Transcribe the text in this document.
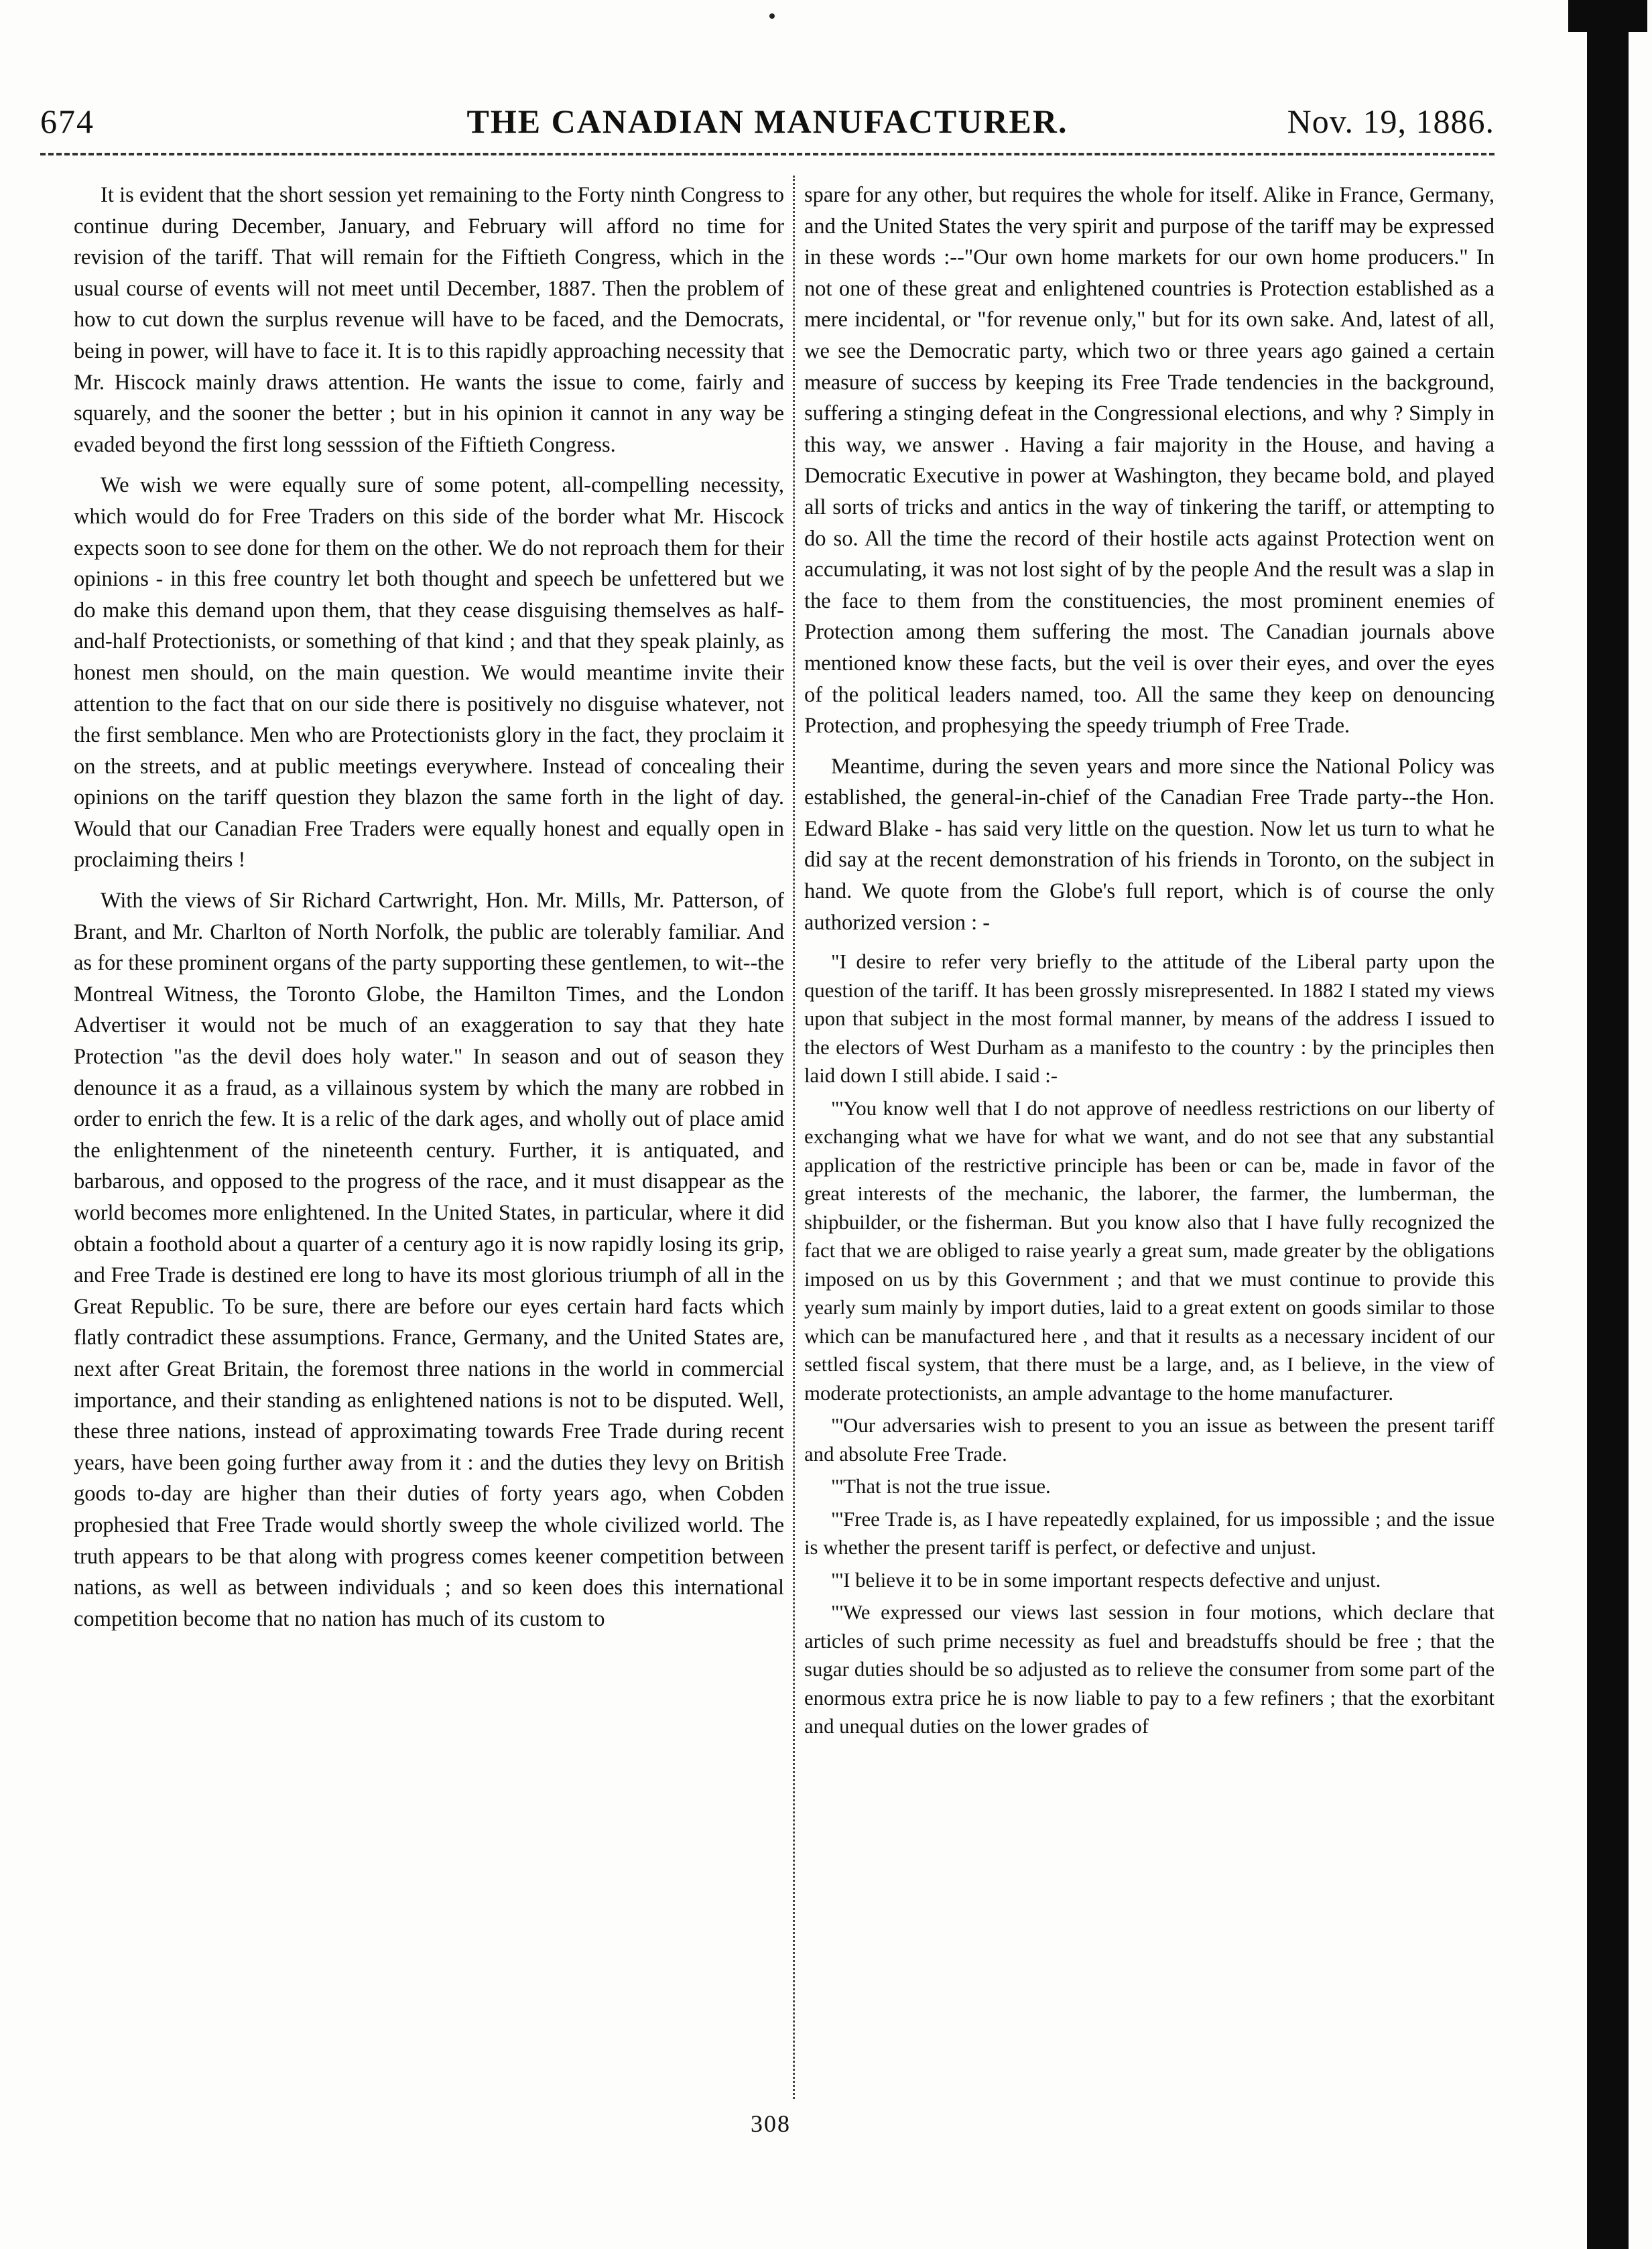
674	THE CANADIAN MANUFACTURER.	Nov. 19, 1886.

It is evident that the short session yet remaining to the Forty ninth Congress to continue during December, January, and February will afford no time for revision of the tariff. That will remain for the Fiftieth Congress, which in the usual course of events will not meet until December, 1887. Then the problem of how to cut down the surplus revenue will have to be faced, and the Democrats, being in power, will have to face it. It is to this rapidly approaching necessity that Mr. Hiscock mainly draws attention. He wants the issue to come, fairly and squarely, and the sooner the better ; but in his opinion it cannot in any way be evaded beyond the first long sesssion of the Fiftieth Congress.

We wish we were equally sure of some potent, all-compelling necessity, which would do for Free Traders on this side of the border what Mr. Hiscock expects soon to see done for them on the other. We do not reproach them for their opinions - in this free country let both thought and speech be unfettered but we do make this demand upon them, that they cease disguising themselves as half-and-half Protectionists, or something of that kind ; and that they speak plainly, as honest men should, on the main question. We would meantime invite their attention to the fact that on our side there is positively no disguise whatever, not the first semblance. Men who are Protectionists glory in the fact, they proclaim it on the streets, and at public meetings everywhere. Instead of concealing their opinions on the tariff question they blazon the same forth in the light of day. Would that our Canadian Free Traders were equally honest and equally open in proclaiming theirs !

With the views of Sir Richard Cartwright, Hon. Mr. Mills, Mr. Patterson, of Brant, and Mr. Charlton of North Norfolk, the public are tolerably familiar. And as for these prominent organs of the party supporting these gentlemen, to wit--the Montreal Witness, the Toronto Globe, the Hamilton Times, and the London Advertiser it would not be much of an exaggeration to say that they hate Protection "as the devil does holy water." In season and out of season they denounce it as a fraud, as a villainous system by which the many are robbed in order to enrich the few. It is a relic of the dark ages, and wholly out of place amid the enlightenment of the nineteenth century. Further, it is antiquated, and barbarous, and opposed to the progress of the race, and it must disappear as the world becomes more enlightened. In the United States, in particular, where it did obtain a foothold about a quarter of a century ago it is now rapidly losing its grip, and Free Trade is destined ere long to have its most glorious triumph of all in the Great Republic. To be sure, there are before our eyes certain hard facts which flatly contradict these assumptions. France, Germany, and the United States are, next after Great Britain, the foremost three nations in the world in commercial importance, and their standing as enlightened nations is not to be disputed. Well, these three nations, instead of approximating towards Free Trade during recent years, have been going further away from it : and the duties they levy on British goods to-day are higher than their duties of forty years ago, when Cobden prophesied that Free Trade would shortly sweep the whole civilized world. The truth appears to be that along with progress comes keener competition between nations, as well as between individuals ; and so keen does this international competition become that no nation has much of its custom to

spare for any other, but requires the whole for itself. Alike in France, Germany, and the United States the very spirit and purpose of the tariff may be expressed in these words :--"Our own home markets for our own home producers." In not one of these great and enlightened countries is Protection established as a mere incidental, or "for revenue only," but for its own sake. And, latest of all, we see the Democratic party, which two or three years ago gained a certain measure of success by keeping its Free Trade tendencies in the background, suffering a stinging defeat in the Congressional elections, and why ? Simply in this way, we answer . Having a fair majority in the House, and having a Democratic Executive in power at Washington, they became bold, and played all sorts of tricks and antics in the way of tinkering the tariff, or attempting to do so. All the time the record of their hostile acts against Protection went on accumulating, it was not lost sight of by the people And the result was a slap in the face to them from the constituencies, the most prominent enemies of Protection among them suffering the most. The Canadian journals above mentioned know these facts, but the veil is over their eyes, and over the eyes of the political leaders named, too. All the same they keep on denouncing Protection, and prophesying the speedy triumph of Free Trade.

Meantime, during the seven years and more since the National Policy was established, the general-in-chief of the Canadian Free Trade party--the Hon. Edward Blake - has said very little on the question. Now let us turn to what he did say at the recent demonstration of his friends in Toronto, on the subject in hand. We quote from the Globe's full report, which is of course the only authorized version : -

"I desire to refer very briefly to the attitude of the Liberal party upon the question of the tariff. It has been grossly misrepresented. In 1882 I stated my views upon that subject in the most formal manner, by means of the address I issued to the electors of West Durham as a manifesto to the country : by the principles then laid down I still abide. I said :-

"'You know well that I do not approve of needless restrictions on our liberty of exchanging what we have for what we want, and do not see that any substantial application of the restrictive principle has been or can be, made in favor of the great interests of the mechanic, the laborer, the farmer, the lumberman, the shipbuilder, or the fisherman. But you know also that I have fully recognized the fact that we are obliged to raise yearly a great sum, made greater by the obligations imposed on us by this Government ; and that we must continue to provide this yearly sum mainly by import duties, laid to a great extent on goods similar to those which can be manufactured here , and that it results as a necessary incident of our settled fiscal system, that there must be a large, and, as I believe, in the view of moderate protectionists, an ample advantage to the home manufacturer.

"'Our adversaries wish to present to you an issue as between the present tariff and absolute Free Trade.

"'That is not the true issue.

"'Free Trade is, as I have repeatedly explained, for us impossible ; and the issue is whether the present tariff is perfect, or defective and unjust.

"'I believe it to be in some important respects defective and unjust.

"'We expressed our views last session in four motions, which declare that articles of such prime necessity as fuel and breadstuffs should be free ; that the sugar duties should be so adjusted as to relieve the consumer from some part of the enormous extra price he is now liable to pay to a few refiners ; that the exorbitant and unequal duties on the lower grades of

308
